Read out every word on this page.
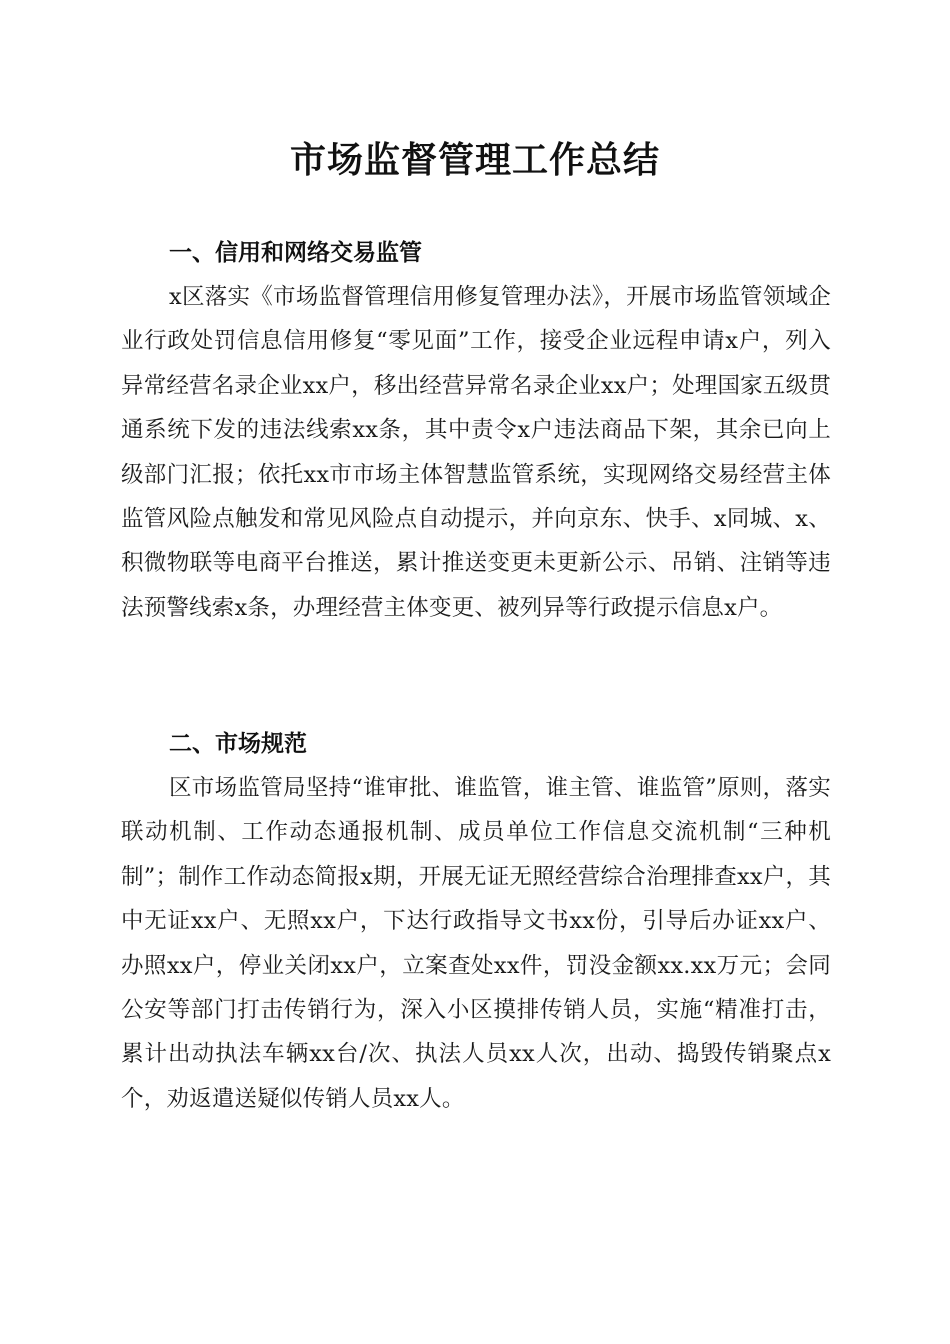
市场监督管理工作总结
一、信用和网络交易监管

x区落实《市场监督管理信用修复管理办法》，开展市场监管领域企业行政处罚信息信用修复“零见面”工作，接受企业远程申请x户，列入异常经营名录企业xx户，移出经营异常名录企业xx户；处理国家五级贯通系统下发的违法线索xx条，其中责令x户违法商品下架，其余已向上级部门汇报；依托xx市市场主体智慧监管系统，实现网络交易经营主体监管风险点触发和常见风险点自动提示，并向京东、快手、x同城、x、积微物联等电商平台推送，累计推送变更未更新公示、吊销、注销等违法预警线索x条，办理经营主体变更、被列异等行政提示信息x户。

二、市场规范

区市场监管局坚持“谁审批、谁监管，谁主管、谁监管”原则，落实联动机制、工作动态通报机制、成员单位工作信息交流机制“三种机制”；制作工作动态简报x期，开展无证无照经营综合治理排查xx户，其中无证xx户、无照xx户，下达行政指导文书xx份，引导后办证xx户、办照xx户，停业关闭xx户，立案查处xx件，罚没金额xx.xx万元；会同公安等部门打击传销行为，深入小区摸排传销人员，实施“精准打击，累计出动执法车辆xx台/次、执法人员xx人次，出动、捣毁传销聚点x个，劝返遣送疑似传销人员xx人。
